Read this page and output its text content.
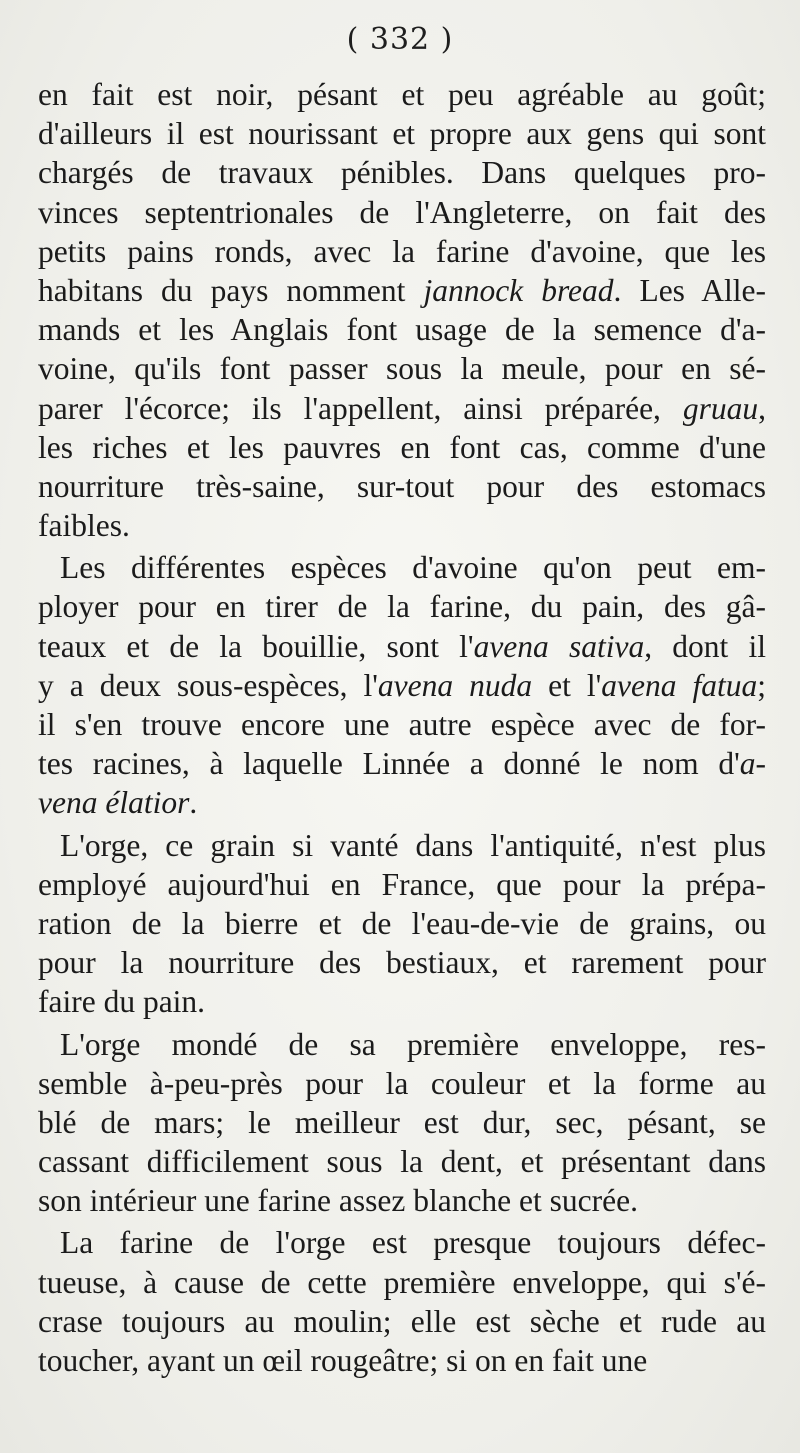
( 332 )
en fait est noir, pésant et peu agréable au goût;
d'ailleurs il est nourissant et propre aux gens qui sont
chargés de travaux pénibles. Dans quelques pro-
vinces septentrionales de l'Angleterre, on fait des
petits pains ronds, avec la farine d'avoine, que les
habitans du pays nomment jannock bread. Les Alle-
mands et les Anglais font usage de la semence d'a-
voine, qu'ils font passer sous la meule, pour en sé-
parer l'écorce; ils l'appellent, ainsi préparée, gruau,
les riches et les pauvres en font cas, comme d'une
nourriture très-saine, sur-tout pour des estomacs
faibles.
Les différentes espèces d'avoine qu'on peut em-
ployer pour en tirer de la farine, du pain, des gâ-
teaux et de la bouillie, sont l'avena sativa, dont il
y a deux sous-espèces, l'avena nuda et l'avena fatua;
il s'en trouve encore une autre espèce avec de for-
tes racines, à laquelle Linnée a donné le nom d'a-
vena élatior.
L'orge, ce grain si vanté dans l'antiquité, n'est plus
employé aujourd'hui en France, que pour la prépa-
ration de la bierre et de l'eau-de-vie de grains, ou
pour la nourriture des bestiaux, et rarement pour
faire du pain.
L'orge mondé de sa première enveloppe, res-
semble à-peu-près pour la couleur et la forme au
blé de mars; le meilleur est dur, sec, pésant, se
cassant difficilement sous la dent, et présentant dans
son intérieur une farine assez blanche et sucrée.
La farine de l'orge est presque toujours défec-
tueuse, à cause de cette première enveloppe, qui s'é-
crase toujours au moulin; elle est sèche et rude au
toucher, ayant un œil rougeâtre; si on en fait une
